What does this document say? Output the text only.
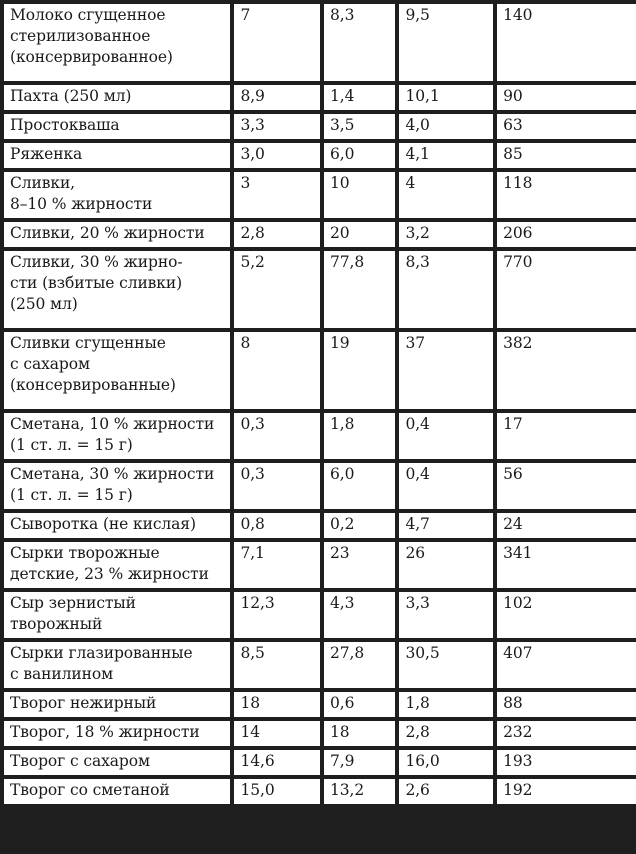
Молоко сгущенное
стерилизованное
(консервированное)	7	8,3	9,5	140
Пахта (250 мл)	8,9	1,4	10,1	90
Простокваша	3,3	3,5	4,0	63
Ряженка	3,0	6,0	4,1	85
Сливки,
8–10 % жирности	3	10	4	118
Сливки, 20 % жирности	2,8	20	3,2	206
Сливки, 30 % жирно-
сти (взбитые сливки)
(250 мл)	5,2	77,8	8,3	770
Сливки сгущенные
с сахаром
(консервированные)	8	19	37	382
Сметана, 10 % жирности
(1 ст. л. = 15 г)	0,3	1,8	0,4	17
Сметана, 30 % жирности
(1 ст. л. = 15 г)	0,3	6,0	0,4	56
Сыворотка (не кислая)	0,8	0,2	4,7	24
Сырки творожные
детские, 23 % жирности	7,1	23	26	341
Сыр зернистый
творожный	12,3	4,3	3,3	102
Сырки глазированные
с ванилином	8,5	27,8	30,5	407
Творог нежирный	18	0,6	1,8	88
Творог, 18 % жирности	14	18	2,8	232
Творог с сахаром	14,6	7,9	16,0	193
Творог со сметаной	15,0	13,2	2,6	192
